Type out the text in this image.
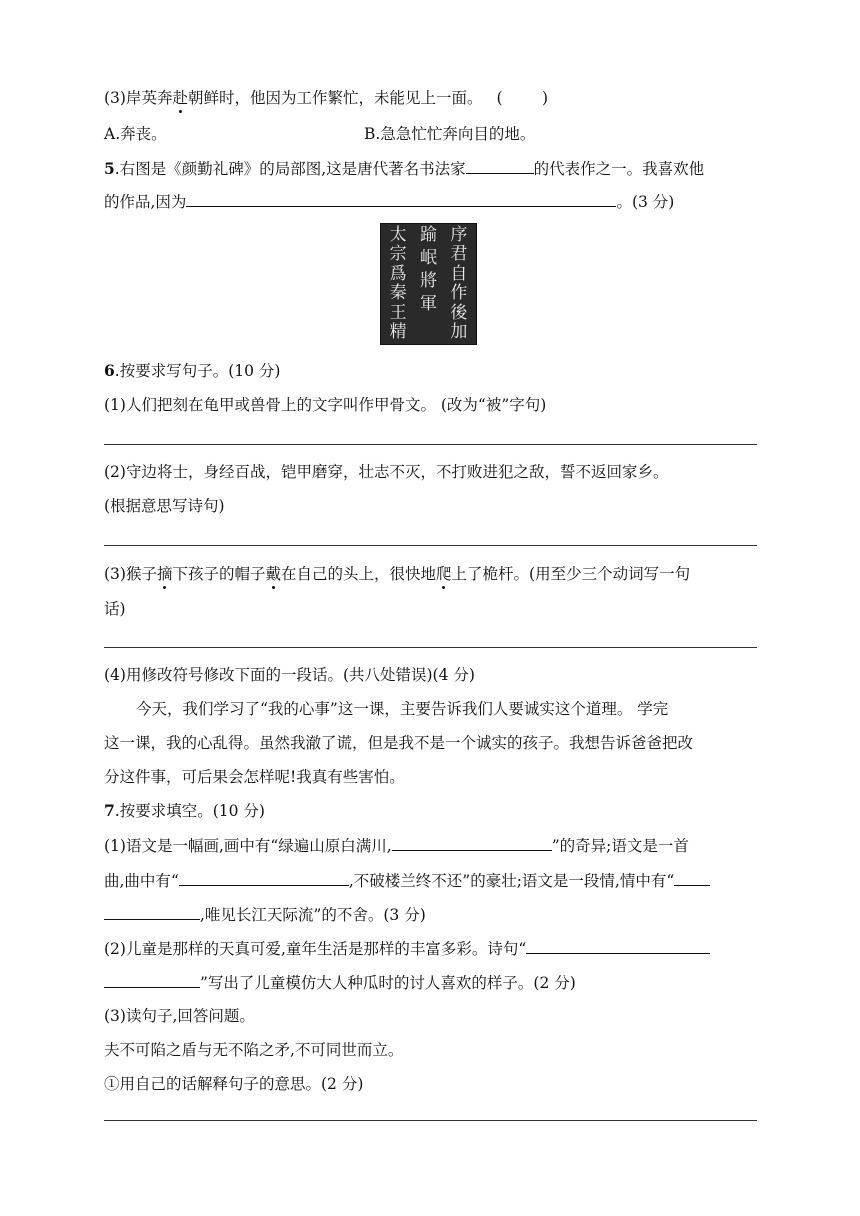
(3)岸英奔赴朝鲜时，他因为工作繁忙，未能见上一面。 (        )
A.奔丧。	B.急急忙忙奔向目的地。
5.右图是《颜勤礼碑》的局部图,这是唐代著名书法家	的代表作之一。我喜欢他
的作品,因为	。(3 分)
序
君
自
作
後
加
踰
岷
將
軍
太
宗
爲
秦
王
精
6.按要求写句子。(10 分)
(1)人们把刻在龟甲或兽骨上的文字叫作甲骨文。 (改为“被”字句)
(2)守边将士，身经百战，铠甲磨穿，壮志不灭，不打败进犯之敌，誓不返回家乡。
(根据意思写诗句)
(3)猴子摘下孩子的帽子戴在自己的头上，很快地爬上了桅杆。(用至少三个动词写一句
话)
(4)用修改符号修改下面的一段话。(共八处错误)(4 分)
今天，我们学习了“我的心事”这一课，主要告诉我们人要诚实这个道理。 学完
这一课，我的心乱得。虽然我澈了谎，但是我不是一个诚实的孩子。我想告诉爸爸把改
分这件事，可后果会怎样呢!我真有些害怕。
7.按要求填空。(10 分)
(1)语文是一幅画,画中有“绿遍山原白满川,	”的奇异;语文是一首
曲,曲中有“	,不破楼兰终不还”的豪壮;语文是一段情,情中有“
,唯见长江天际流”的不舍。(3 分)
(2)儿童是那样的天真可爱,童年生活是那样的丰富多彩。诗句“
”写出了儿童模仿大人种瓜时的讨人喜欢的样子。(2 分)
(3)读句子,回答问题。
夫不可陷之盾与无不陷之矛,不可同世而立。
①用自己的话解释句子的意思。(2 分)
